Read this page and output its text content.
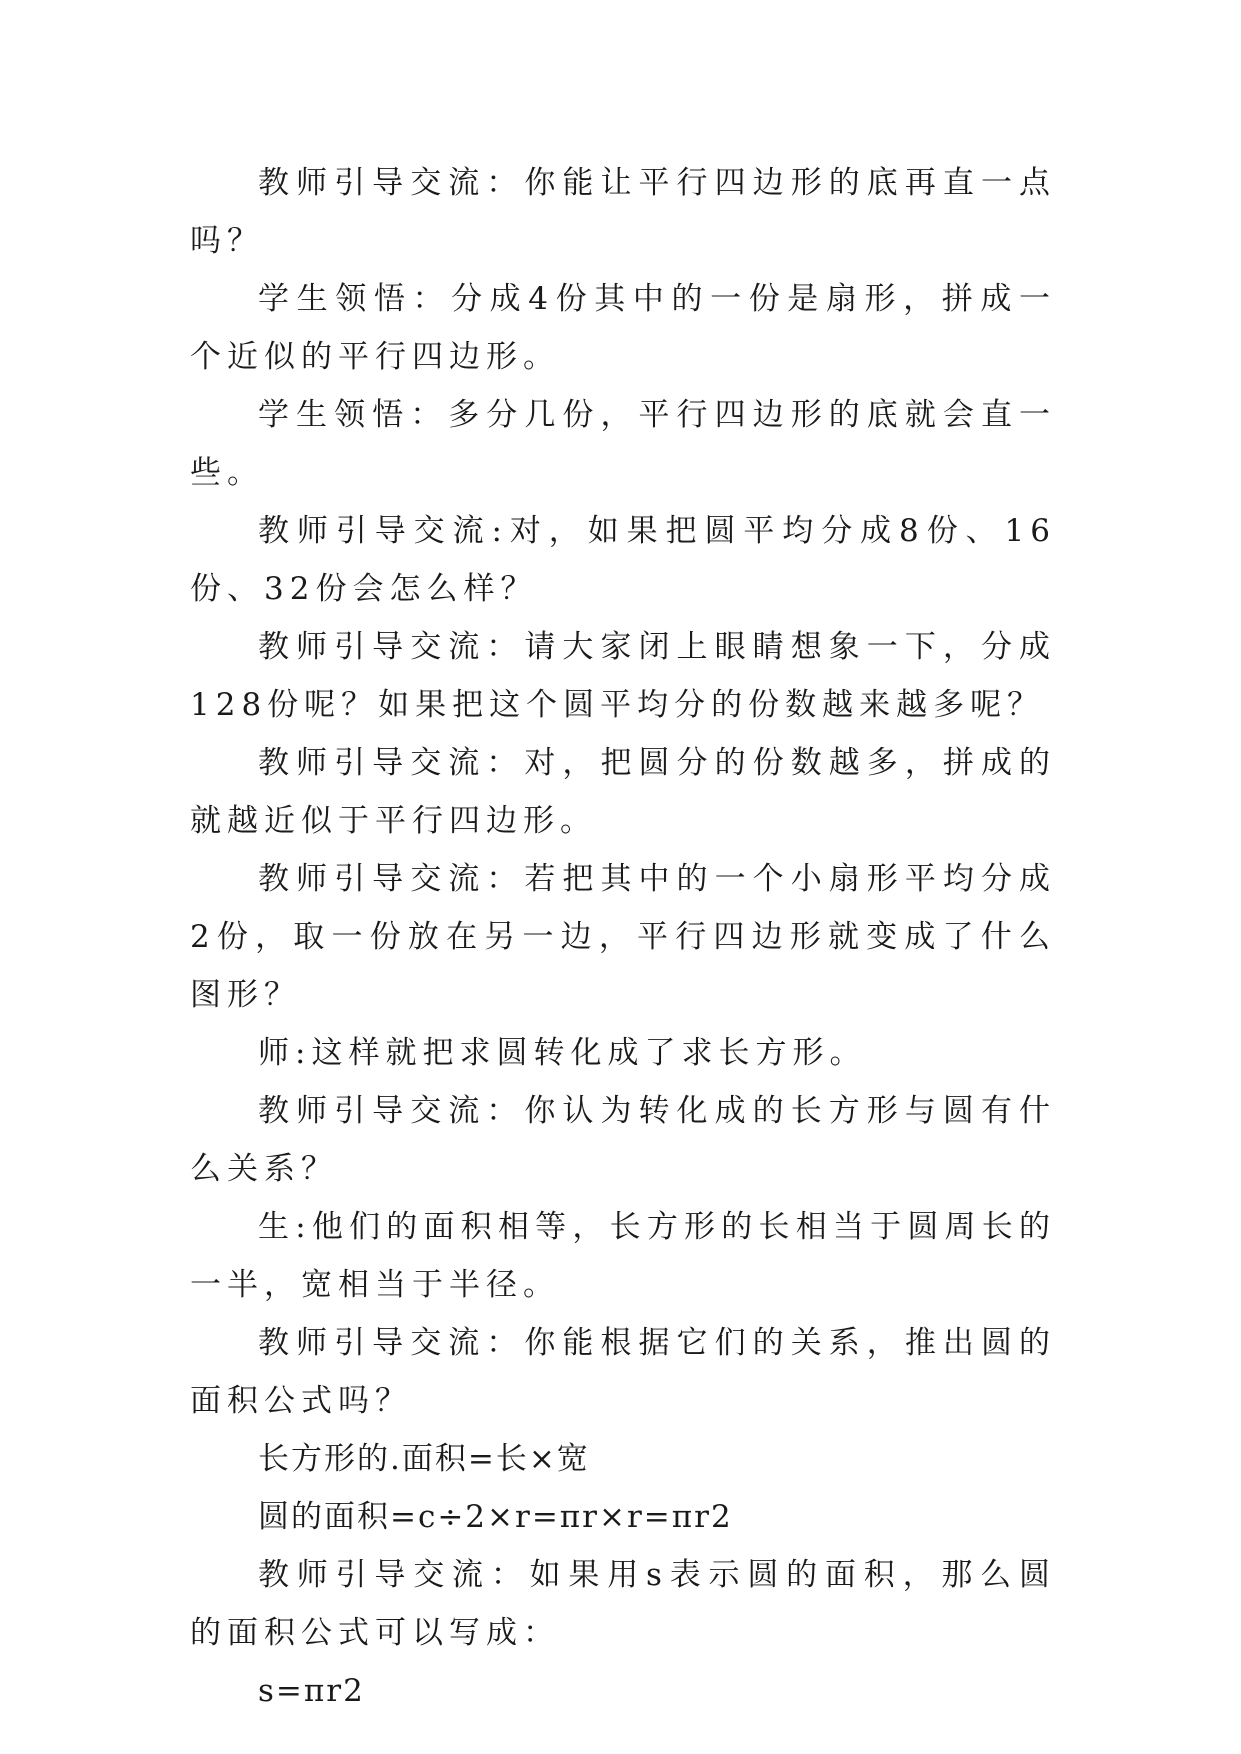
教师引导交流：你能让平行四边形的底再直一点吗？

学生领悟：分成4份其中的一份是扇形，拼成一个近似的平行四边形。

学生领悟：多分几份，平行四边形的底就会直一些。

教师引导交流:对，如果把圆平均分成8份、16份、32份会怎么样？

教师引导交流：请大家闭上眼睛想象一下，分成128份呢？如果把这个圆平均分的份数越来越多呢？

教师引导交流：对，把圆分的份数越多，拼成的就越近似于平行四边形。

教师引导交流：若把其中的一个小扇形平均分成2份，取一份放在另一边，平行四边形就变成了什么图形？

师:这样就把求圆转化成了求长方形。

教师引导交流：你认为转化成的长方形与圆有什么关系？

生:他们的面积相等，长方形的长相当于圆周长的一半，宽相当于半径。

教师引导交流：你能根据它们的关系，推出圆的面积公式吗？

长方形的.面积=长×宽

圆的面积=c÷2×r=πr×r=πr2

教师引导交流：如果用s表示圆的面积，那么圆的面积公式可以写成：

s=πr2
